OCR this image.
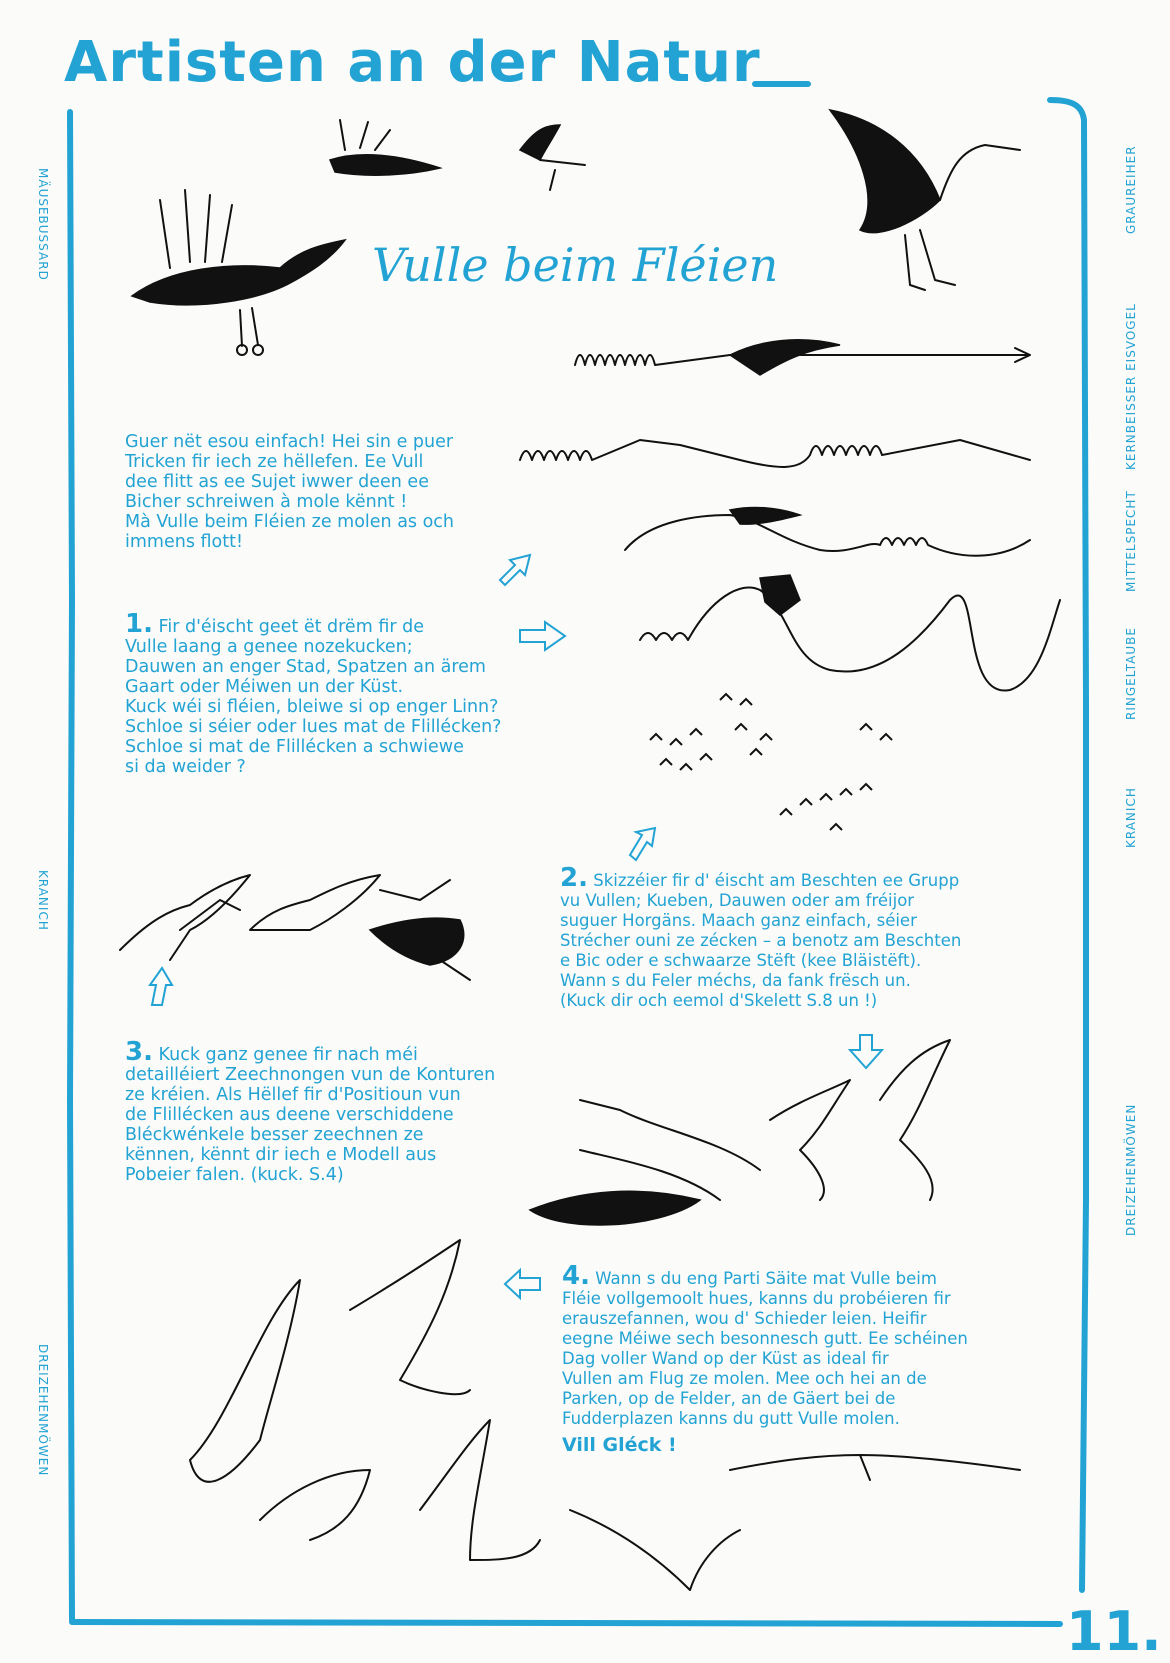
Artisten an der Natur
Vulle beim Fléien
Guer nët esou einfach! Hei sin e puer
Tricken fir iech ze hëllefen. Ee Vull
dee flitt as ee Sujet iwwer deen ee
Bicher schreiwen à mole kënnt !
Mà Vulle beim Fléien ze molen as och
immens flott!
1. Fir d'éischt geet ët drëm fir de
Vulle laang a genee nozekucken;
Dauwen an enger Stad, Spatzen an ärem
Gaart oder Méiwen un der Küst.
Kuck wéi si fléien, bleiwe si op enger Linn?
Schloe si séier oder lues mat de Flillécken?
Schloe si mat de Flillécken a schwiewe
si da weider ?
2. Skizzéier fir d' éischt am Beschten ee Grupp
vu Vullen; Kueben, Dauwen oder am fréijor
suguer Horgäns. Maach ganz einfach, séier
Strécher ouni ze zécken – a benotz am Beschten
e Bic oder e schwaarze Stëft (kee Bläistëft).
Wann s du Feler méchs, da fank frësch un.
(Kuck dir och eemol d'Skelett S.8 un !)
3. Kuck ganz genee fir nach méi
detailléiert Zeechnongen vun de Konturen
ze kréien. Als Hëllef fir d'Positioun vun
de Flillécken aus deene verschiddene
Bléckwénkele besser zeechnen ze
kënnen, kënnt dir iech e Modell aus
Pobeier falen. (kuck. S.4)
4. Wann s du eng Parti Säite mat Vulle beim
Fléie vollgemoolt hues, kanns du probéieren fir
erauszefannen, wou d' Schieder leien. Heifir
eegne Méiwe sech besonnesch gutt. Ee schéinen
Dag voller Wand op der Küst as ideal fir
Vullen am Flug ze molen. Mee och hei an de
Parken, op de Felder, an de Gäert bei de
Fudderplazen kanns du gutt Vulle molen.
Vill Gléck !
MÄUSEBUSSARD
KRANICH
DREIZEHENMÖWEN
GRAUREIHER
KERNBEISSER EISVOGEL
MITTELSPECHT
RINGELTAUBE
KRANICH
DREIZEHENMÖWEN
11.
